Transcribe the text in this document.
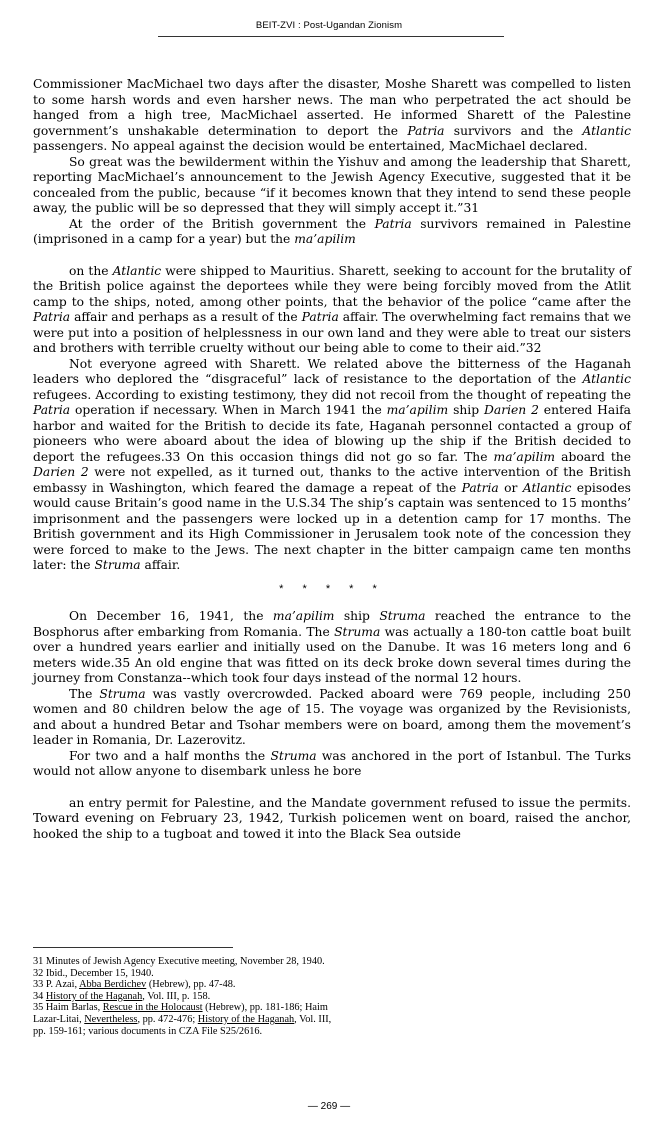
BEIT-ZVI : Post-Ugandan Zionism

Commissioner MacMichael two days after the disaster, Moshe Sharett was compelled to listen to some harsh words and even harsher news. The man who perpetrated the act should be hanged from a high tree, MacMichael asserted. He informed Sharett of the Palestine government’s unshakable determination to deport the Patria survivors and the Atlantic passengers. No appeal against the decision would be entertained, MacMichael declared.

So great was the bewilderment within the Yishuv and among the leadership that Sharett, reporting MacMichael’s announcement to the Jewish Agency Executive, suggested that it be concealed from the public, because “if it becomes known that they intend to send these people away, the public will be so depressed that they will simply accept it.”31

At the order of the British government the Patria survivors remained in Palestine (imprisoned in a camp for a year) but the ma’apilim

on the Atlantic were shipped to Mauritius. Sharett, seeking to account for the brutality of the British police against the deportees while they were being forcibly moved from the Atlit camp to the ships, noted, among other points, that the behavior of the police “came after the Patria affair and perhaps as a result of the Patria affair. The overwhelming fact remains that we were put into a position of helplessness in our own land and they were able to treat our sisters and brothers with terrible cruelty without our being able to come to their aid.”32

Not everyone agreed with Sharett. We related above the bitterness of the Haganah leaders who deplored the “disgraceful” lack of resistance to the deportation of the Atlantic refugees. According to existing testimony, they did not recoil from the thought of repeating the Patria operation if necessary. When in March 1941 the ma’apilim ship Darien 2 entered Haifa harbor and waited for the British to decide its fate, Haganah personnel contacted a group of pioneers who were aboard about the idea of blowing up the ship if the British decided to deport the refugees.33 On this occasion things did not go so far. The ma’apilim aboard the Darien 2 were not expelled, as it turned out, thanks to the active intervention of the British embassy in Washington, which feared the damage a repeat of the Patria or Atlantic episodes would cause Britain’s good name in the U.S.34 The ship’s captain was sentenced to 15 months’ imprisonment and the passengers were locked up in a detention camp for 17 months. The British government and its High Commissioner in Jerusalem took note of the concession they were forced to make to the Jews. The next chapter in the bitter campaign came ten months later: the Struma affair.

* * * * *

On December 16, 1941, the ma’apilim ship Struma reached the entrance to the Bosphorus after embarking from Romania. The Struma was actually a 180-ton cattle boat built over a hundred years earlier and initially used on the Danube. It was 16 meters long and 6 meters wide.35 An old engine that was fitted on its deck broke down several times during the journey from Constanza--which took four days instead of the normal 12 hours.

The Struma was vastly overcrowded. Packed aboard were 769 people, including 250 women and 80 children below the age of 15. The voyage was organized by the Revisionists, and about a hundred Betar and Tsohar members were on board, among them the movement’s leader in Romania, Dr. Lazerovitz.

For two and a half months the Struma was anchored in the port of Istanbul. The Turks would not allow anyone to disembark unless he bore

an entry permit for Palestine, and the Mandate government refused to issue the permits. Toward evening on February 23, 1942, Turkish policemen went on board, raised the anchor, hooked the ship to a tugboat and towed it into the Black Sea outside

31 Minutes of Jewish Agency Executive meeting, November 28, 1940.
32 Ibid., December 15, 1940.
33 P. Azai, Abba Berdichev (Hebrew), pp. 47-48.
34 History of the Haganah, Vol. III, p. 158.
35 Haim Barlas, Rescue in the Holocaust (Hebrew), pp. 181-186; Haim Lazar-Litai, Nevertheless, pp. 472-476; History of the Haganah, Vol. III, pp. 159-161; various documents in CZA File S25/2616.
— 269 —
